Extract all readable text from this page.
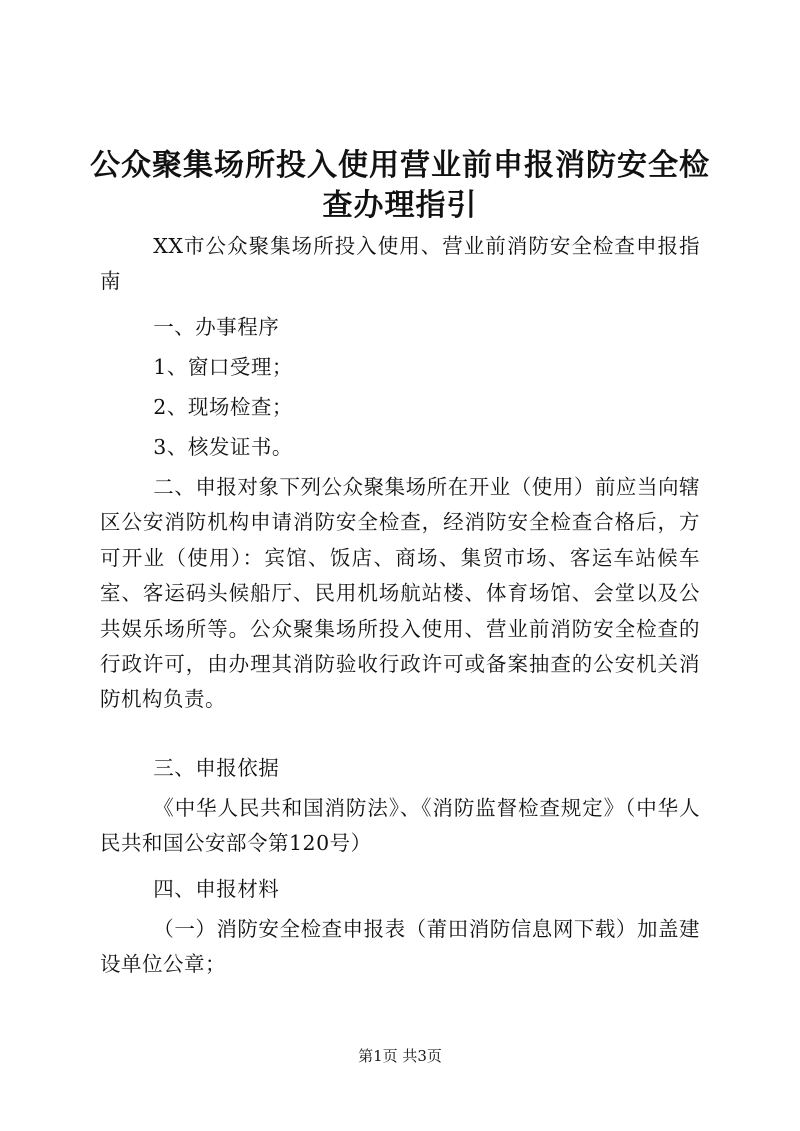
公众聚集场所投入使用营业前申报消防安全检
查办理指引

XX市公众聚集场所投入使用、营业前消防安全检查申报指南

一、办事程序

1、窗口受理；

2、现场检查；

3、核发证书。

二、申报对象下列公众聚集场所在开业（使用）前应当向辖区公安消防机构申请消防安全检查，经消防安全检查合格后，方可开业（使用）：宾馆、饭店、商场、集贸市场、客运车站候车室、客运码头候船厅、民用机场航站楼、体育场馆、会堂以及公共娱乐场所等。公众聚集场所投入使用、营业前消防安全检查的行政许可，由办理其消防验收行政许可或备案抽查的公安机关消防机构负责。

三、申报依据

《中华人民共和国消防法》、《消防监督检查规定》（中华人民共和国公安部令第120号）

四、申报材料

（一）消防安全检查申报表（莆田消防信息网下载）加盖建设单位公章；

第1页 共3页
